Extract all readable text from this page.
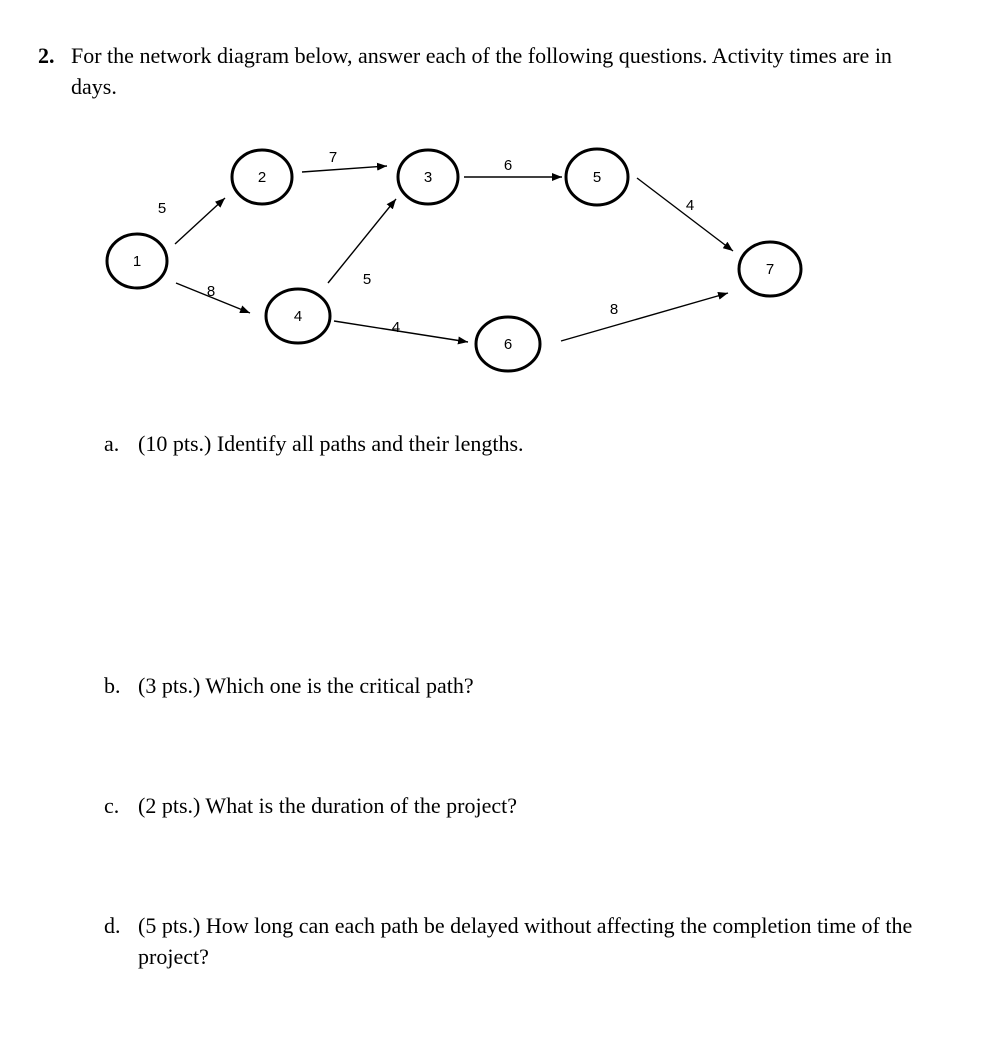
2. For the network diagram below, answer each of the following questions. Activity times are in days.
5
8
7
5
4
6
4
8
1
2	3
4
5
6
7
a. (10 pts.) Identify all paths and their lengths.
b. (3 pts.) Which one is the critical path?
c. (2 pts.) What is the duration of the project?
d. (5 pts.) How long can each path be delayed without affecting the completion time of the project?
